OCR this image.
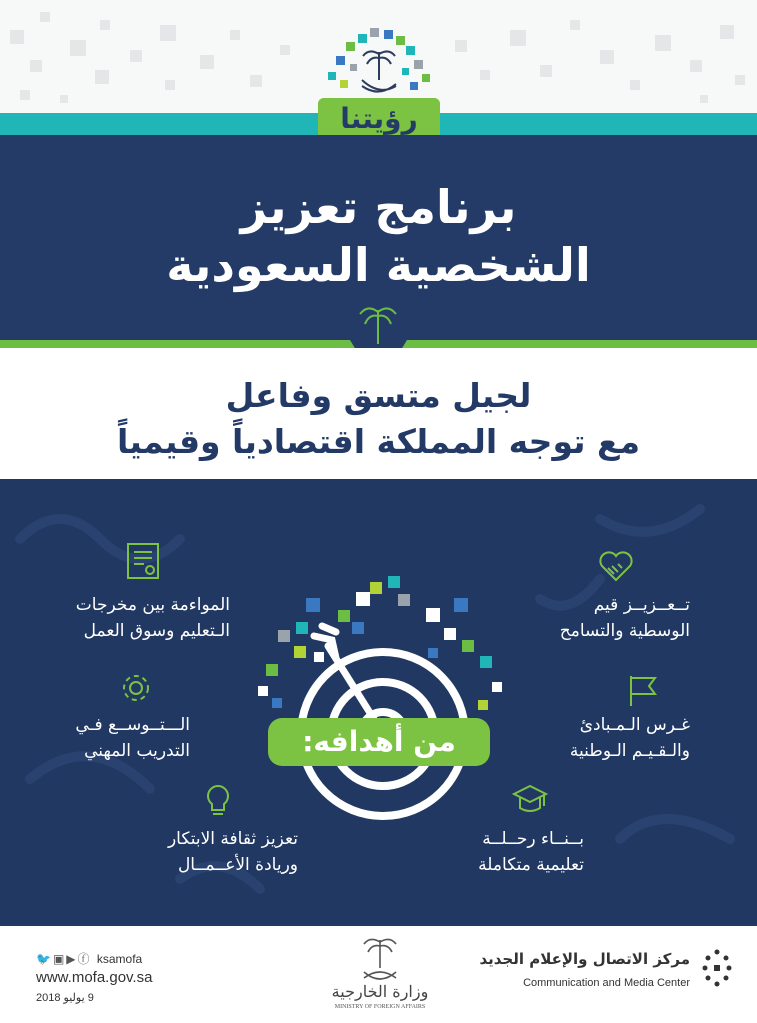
رؤيتنا
برنامج تعزيز
الشخصية السعودية
لجيل متسق وفاعل
مع توجه المملكة اقتصادياً وقيمياً
من أهدافه:
تــعــزيــز قيم
الوسطية والتسامح
غـرس الـمـبادئ
والـقـيـم الـوطنية
بــنــاء رحــلــة
تعليمية متكاملة
المواءمة بين مخرجات
الـتعليم وسوق العمل
الـــتــوســع فـي
التدريب المهني
تعزيز ثقافة الابتكار
وريادة الأعــمــال
🐦▣▶ⓕ ksamofa
www.mofa.gov.sa
9 يوليو 2018	وزارة الخارجية
MINISTRY OF FOREIGN AFFAIRS
مركز الاتصال والإعلام الجديد
Communication and Media Center
